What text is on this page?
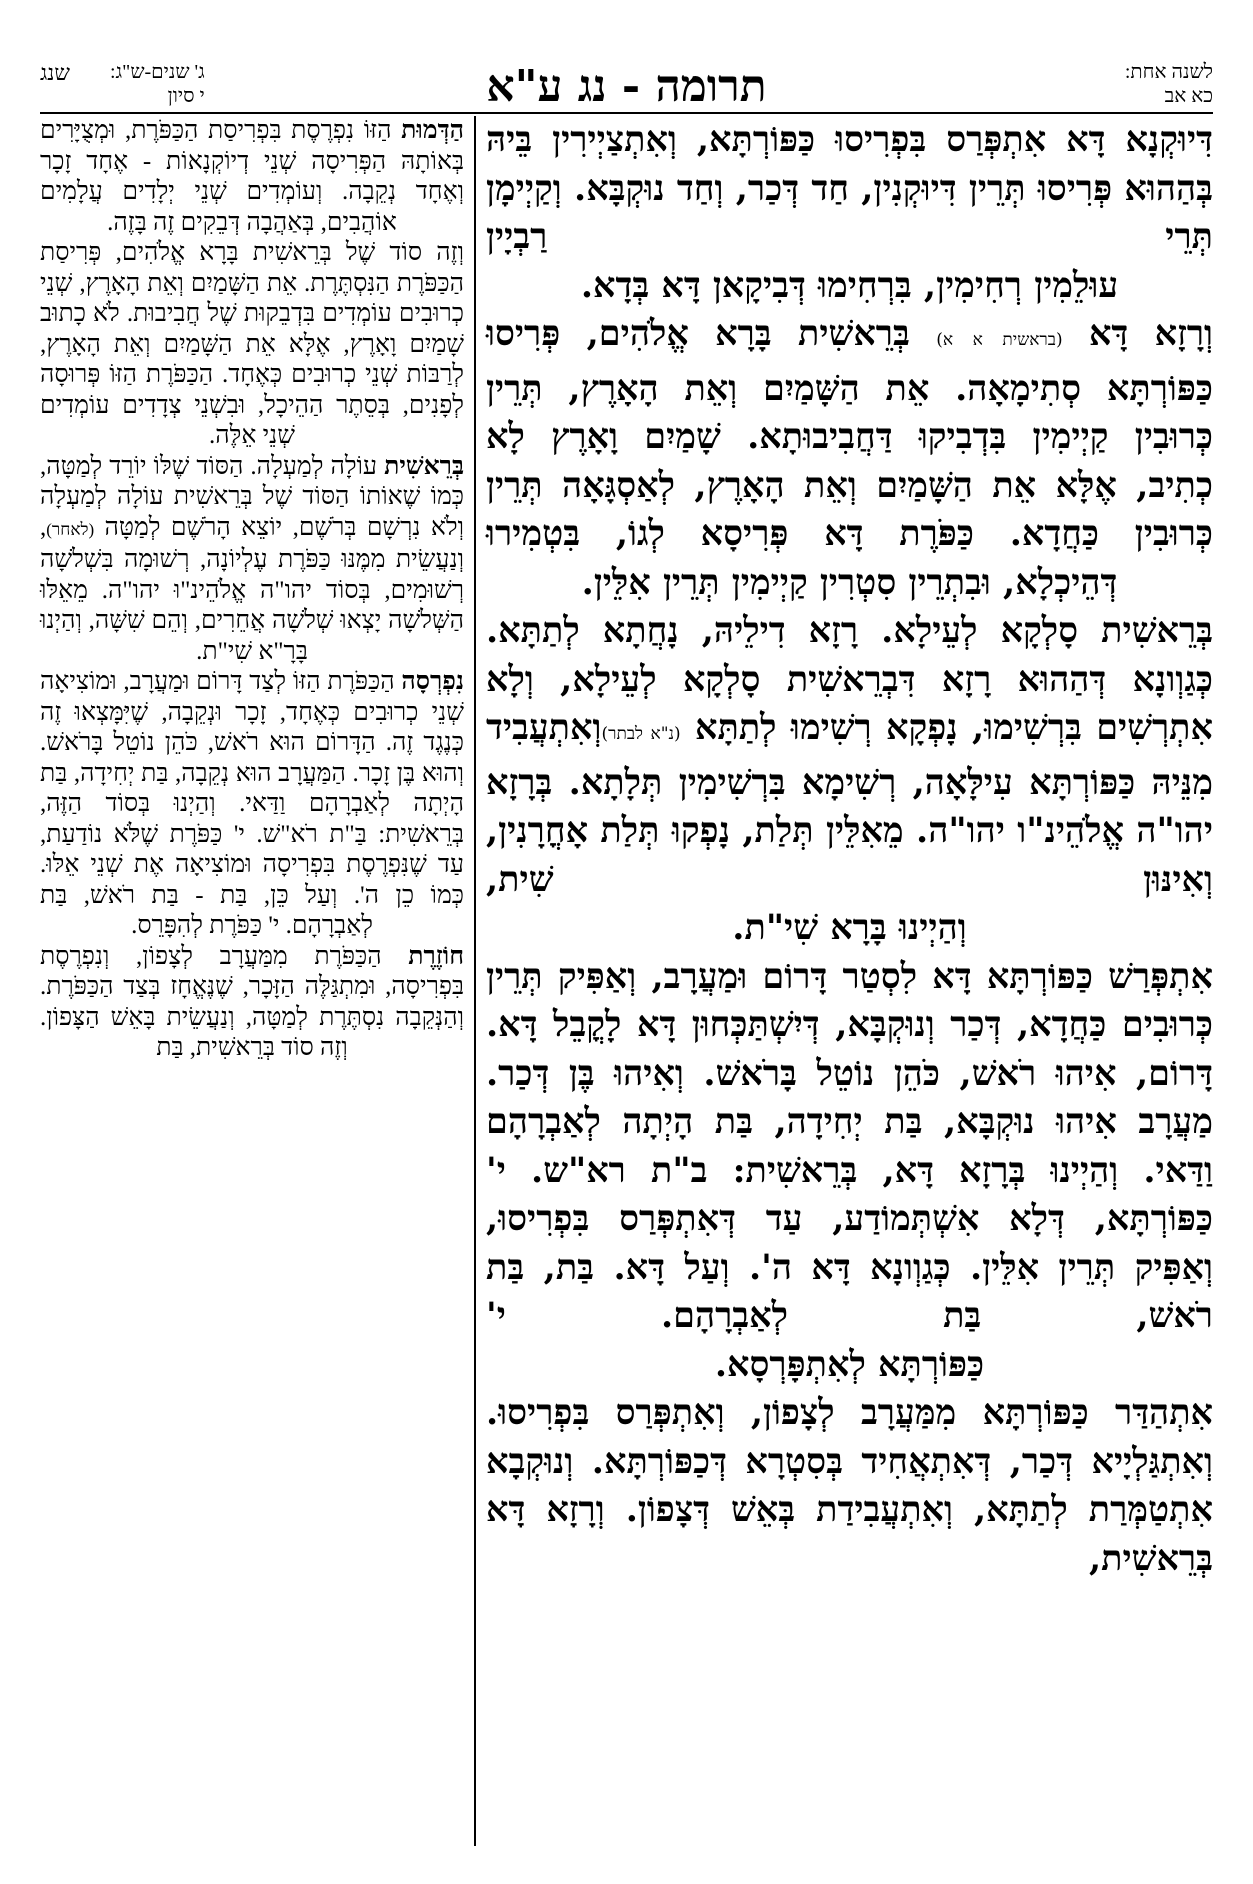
לשנה אחת:
כא אב
תרומה - נג ע"א
ג' שנים-ש"ג:
י סיון
שנג

דִּיוּקְנָא דָּא אִתְפְּרַס בִּפְרִיסוּ כַּפּוֹרְתָּא, וְאִתְצַיְירִין בֵּיהּ בְּהַהוּא פְּרִיסוּ תְּרֵין דִּיוּקְנִין, חַד דְּכַר, וְחַד נוּקְבָּא. וְקַיְימָן תְּרֵי רַבְיָין
עוּלֵמִין רְחִימִין, בִּרְחִימוּ דְּבִיקָאן דָּא בְּדָא.

וְרָזָא דָּא (בראשית א א) בְּרֵאשִׁית בָּרָא אֱלֹהִים, פְּרִיסוּ כַּפּוֹרְתָּא סְתִימָאָה. אֵת הַשָּׁמַיִם וְאֵת הָאָרֶץ, תְּרֵין כְּרוּבִין קַיְימִין בִּדְבִיקוּ דַּחֲבִיבוּתָא. שָׁמַיִם וָאָרֶץ לָא כְתִיב, אֶלָּא אֵת הַשָּׁמַיִם וְאֵת הָאָרֶץ, לְאַסְגָּאָה תְּרֵין כְּרוּבִין כַּחֲדָא. כַּפֹּרֶת דָּא פְּרִיסָא לְגוֹ, בִּטְמִירוּ
דְּהֵיכְלָא, וּבִתְרֵין סִטְרִין קַיְימִין תְּרֵין אִלֵּין.

בְּרֵאשִׁית סָלְקָא לְעֵילָא. רָזָא דִילֵיהּ, נָחֲתָא לְתַתָּא. כְּגַוְונָא דְּהַהוּא רָזָא דִּבְרֵאשִׁית סָלְקָא לְעֵילָא, וְלָא אִתְרְשִׁים בִּרְשִׁימוּ, נָפְקָא רְשִׁימוּ לְתַתָּא (נ"א לבתר)וְאִתְעֲבִיד מִנֵּיהּ כַּפּוֹרְתָּא עִילָּאָה, רְשִׁימָא בִּרְשִׁימִין תְּלָתָא. בְּרָזָא יהו"ה אֱלֹהֵינ"ו יהו"ה. מֵאִלֵּין תְּלַת, נָפְקוּ תְּלַת אָחֳרָנִין, וְאִינּוּן שִׁית,
וְהַיְינוּ בָּרָא שִׁי"ת.

אִתְפְּרַשׁ כַּפּוֹרְתָּא דָּא לִסְטַר דָּרוֹם וּמַעֲרָב, וְאַפִּיק תְּרֵין כְּרוּבִים כַּחֲדָא, דְּכַר וְנוּקְבָּא, דְּיִשְׁתַּכְּחוּן דָּא לָקֳבֵל דָּא. דָּרוֹם, אִיהוּ רֹאשׁ, כֹּהֵן נוֹטֵל בָּרֹאשׁ. וְאִיהוּ בֶּן דְּכַר. מַעֲרָב אִיהוּ נוּקְבָּא, בַּת יְחִידָה, בַּת הָיְתָה לְאַבְרָהָם וַדַּאי. וְהַיְינוּ בְּרָזָא דָּא, בְּרֵאשִׁית: ב"ת רא"ש. י' כַּפּוֹרְתָּא, דְּלָא אִשְׁתְּמוֹדַע, עַד דְּאִתְפְּרַס בִּפְרִיסוּ, וְאַפִּיק תְּרֵין אִלֵּין. כְּגַוְונָא דָּא ה'. וְעַל דָּא. בַּת, בַּת רֹאשׁ, בַּת לְאַבְרָהָם. י'
כַּפּוֹרְתָּא לְאִתְפָּרְסָא.

אִתְהַדַּר כַּפּוֹרְתָּא מִמַּעֲרָב לְצָפוֹן, וְאִתְפְּרַס בִּפְרִיסוּ. וְאִתְגַּלְיָיא דְּכַר, דְּאִתְאֲחִיד בְּסִטְרָא דְּכַפּוֹרְתָּא. וְנוּקְבָא אִתְטַמְּרַת לְתַתָּא, וְאִתְעֲבִידַת בְּאֵשׁ דְּצָפוֹן. וְרָזָא דָּא בְּרֵאשִׁית,

הַדְּמוּת הַזּוֹ נִפְרֶסֶת בִּפְרִיסַת הַכַּפֹּרֶת, וּמְצֻיָּרִים בְּאוֹתָהּ הַפְּרִיסָה שְׁנֵי דְיוֹקְנָאוֹת - אֶחָד זָכָר וְאֶחָד נְקֵבָה. וְעוֹמְדִים שְׁנֵי יְלָדִים עֲלָמִים אוֹהֲבִים, בְּאַהֲבָה דְּבֵקִים זֶה בָּזֶה.

וְזֶה סוֹד שֶׁל בְּרֵאשִׁית בָּרָא אֱלֹהִים, פְּרִיסַת הַכַּפֹּרֶת הַנִּסְתֶּרֶת. אֵת הַשָּׁמַיִם וְאֵת הָאָרֶץ, שְׁנֵי כְרוּבִים עוֹמְדִים בִּדְבֵקוּת שֶׁל חֲבִיבוּת. לֹא כָתוּב שָׁמַיִם וָאָרֶץ, אֶלָּא אֵת הַשָּׁמַיִם וְאֵת הָאָרֶץ, לְרַבּוֹת שְׁנֵי כְרוּבִים כְּאֶחָד. הַכַּפֹּרֶת הַזּוֹ פְּרוּסָה לְפָנִים, בְּסֵתֶר הַהֵיכָל, וּבִשְׁנֵי צְדָדִים עוֹמְדִים שְׁנֵי אֵלֶּה.

בְּרֵאשִׁית עוֹלָה לְמַעְלָה. הַסּוֹד שֶׁלּוֹ יוֹרֵד לְמַטָּה, כְּמוֹ שֶׁאוֹתוֹ הַסּוֹד שֶׁל בְּרֵאשִׁית עוֹלָה לְמַעְלָה וְלֹא נִרְשָׁם בְּרֹשֶׁם, יוֹצֵא הָרֹשֶׁם לְמַטָּה (לאחר), וְנַעֲשֵׂית מִמֶּנּוּ כַּפֹּרֶת עֶלְיוֹנָה, רְשׁוּמָה בִּשְׁלֹשָׁה רְשׁוּמִים, בְּסוֹד יהו"ה אֱלֹהֵינ"וּ יהו"ה. מֵאֵלּוּ הַשְּׁלֹשָׁה יָצְאוּ שְׁלֹשָׁה אֲחֵרִים, וְהֵם שִׁשָּׁה, וְהַיְנוּ בָּרָ"א שִׁי"ת.

נִפְרְסָה הַכַּפֹּרֶת הַזּוֹ לְצַד דָּרוֹם וּמַעֲרָב, וּמוֹצִיאָה שְׁנֵי כְרוּבִים כְּאֶחָד, זָכָר וּנְקֵבָה, שֶׁיִּמָּצְאוּ זֶה כְּנֶגֶד זֶה. הַדָּרוֹם הוּא רֹאשׁ, כֹּהֵן נוֹטֵל בָּרֹאשׁ. וְהוּא בֶּן זָכָר. הַמַּעֲרָב הוּא נְקֵבָה, בַּת יְחִידָה, בַּת הָיְתָה לְאַבְרָהָם וַדַּאי. וְהַיְנוּ בְּסוֹד הַזֶּה, בְּרֵאשִׁית: בַּ"ת רֹא"שׁ. י' כַּפֹּרֶת שֶׁלֹּא נוֹדַעַת, עַד שֶׁנִּפְרֶסֶת בִּפְרִיסָה וּמוֹצִיאָה אֶת שְׁנֵי אֵלּוּ. כְּמוֹ כֵן ה'. וְעַל כֵּן, בַּת - בַּת רֹאשׁ, בַּת לְאַבְרָהָם. י' כַּפֹּרֶת לְהִפָּרֵס.

חוֹזֶרֶת הַכַּפֹּרֶת מִמַּעֲרָב לְצָפוֹן, וְנִפְרֶסֶת בִּפְרִיסָה, וּמִתְגַּלֶּה הַזָּכָר, שֶׁנֶּאֱחָז בְּצַד הַכַּפֹּרֶת. וְהַנְּקֵבָה נִסְתֶּרֶת לְמַטָּה, וְנַעֲשֵׂית בָּאֵשׁ הַצָּפוֹן. וְזֶה סוֹד בְּרֵאשִׁית, בַּת
